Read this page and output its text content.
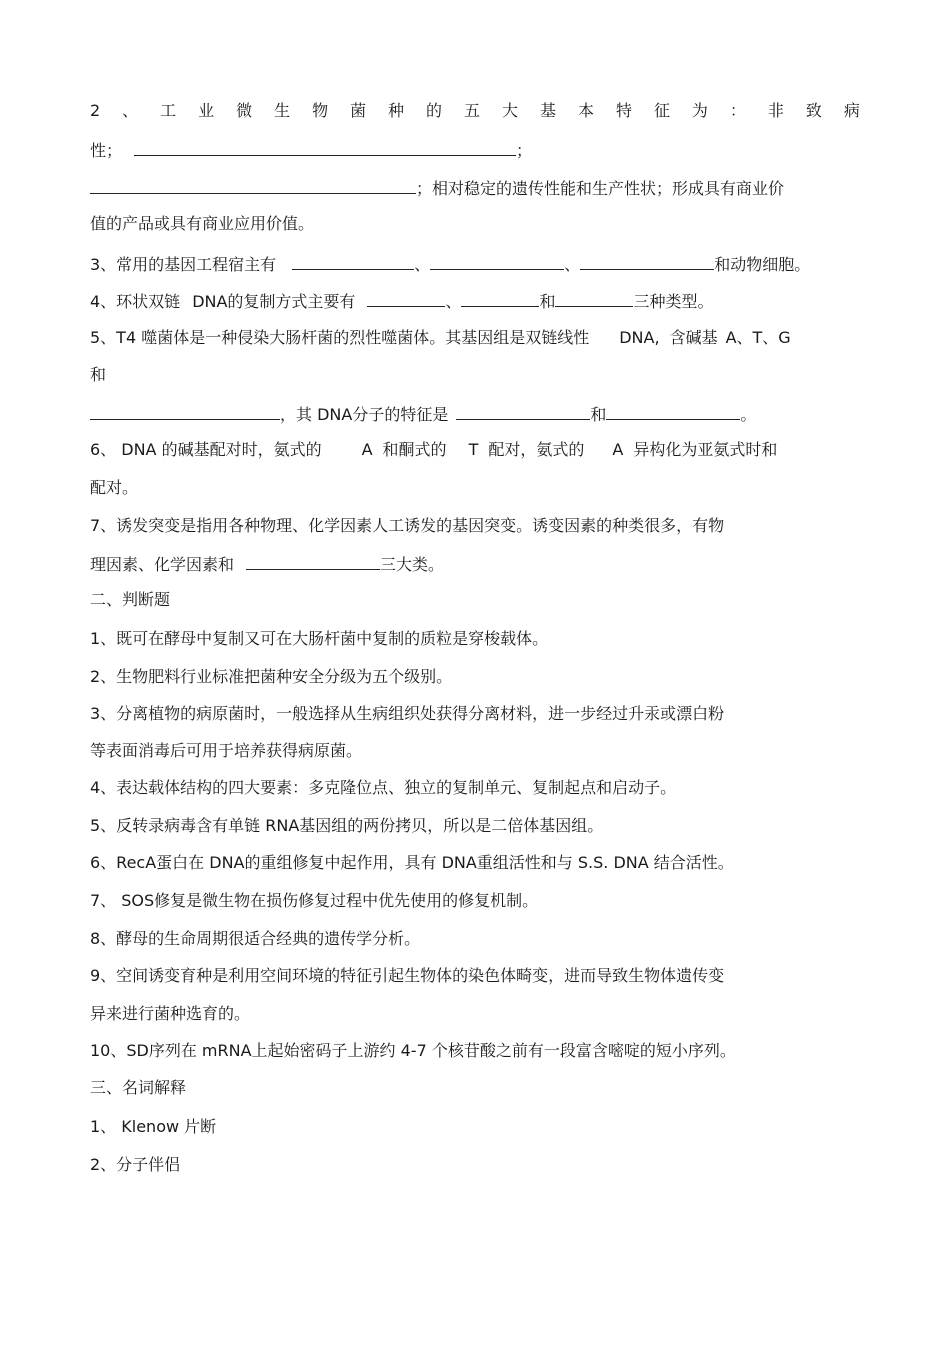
2 、 工 业 微 生 物 菌 种 的 五 大 基 本 特 征 为 ： 非 致 病
性；	；
；相对稳定的遗传性能和生产性状；形成具有商业价
值的产品或具有商业应用价值。
3、常用的基因工程宿主有	、	、	和动物细胞。
4、环状双链 DNA的复制方式主要有	、	和	三种类型。
5、T4 噬菌体是一种侵染大肠杆菌的烈性噬菌体。其基因组是双链线性 DNA, 含碱基 A、T、G
和
，其 DNA分子的特征是	和	。
6、 DNA 的碱基配对时，氨式的	A 和酮式的 T 配对，氨式的 A 异构化为亚氨式时和
配对。
7、诱发突变是指用各种物理、化学因素人工诱发的基因突变。诱变因素的种类很多，有物
理因素、化学因素和	三大类。
二、判断题
1、既可在酵母中复制又可在大肠杆菌中复制的质粒是穿梭载体。
2、生物肥料行业标准把菌种安全分级为五个级别。
3、分离植物的病原菌时，一般选择从生病组织处获得分离材料，进一步经过升汞或漂白粉
等表面消毒后可用于培养获得病原菌。
4、表达载体结构的四大要素：多克隆位点、独立的复制单元、复制起点和启动子。
5、反转录病毒含有单链 RNA基因组的两份拷贝，所以是二倍体基因组。
6、RecA蛋白在 DNA的重组修复中起作用，具有 DNA重组活性和与 S.S. DNA 结合活性。
7、 SOS修复是微生物在损伤修复过程中优先使用的修复机制。
8、酵母的生命周期很适合经典的遗传学分析。
9、空间诱变育种是利用空间环境的特征引起生物体的染色体畸变，进而导致生物体遗传变
异来进行菌种选育的。
10、SD序列在 mRNA上起始密码子上游约 4-7 个核苷酸之前有一段富含嘧啶的短小序列。
三、名词解释
1、 Klenow 片断
2、分子伴侣
